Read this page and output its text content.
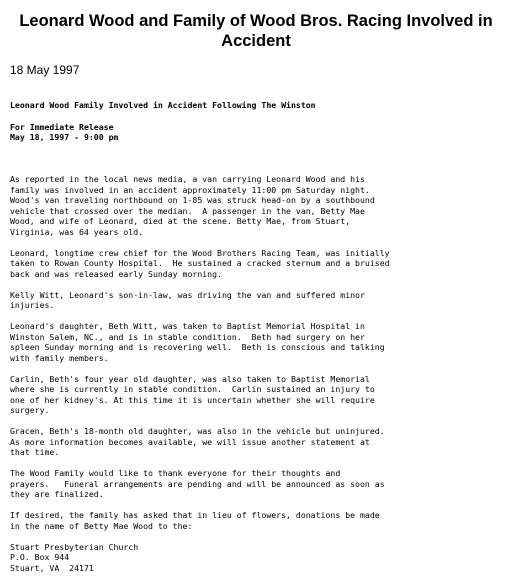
Leonard Wood and Family of Wood Bros. Racing Involved in Accident
18 May 1997
Leonard Wood Family Involved in Accident Following The Winston
For Immediate Release
May 18, 1997 - 9:00 pm
As reported in the local news media, a van carrying Leonard Wood and his
family was involved in an accident approximately 11:00 pm Saturday night.
Wood's van traveling northbound on 1-85 was struck head-on by a southbound
vehicle that crossed over the median.  A passenger in the van, Betty Mae
Wood, and wife of Leonard, died at the scene. Betty Mae, from Stuart,
Virginia, was 64 years old.
Leonard, longtime crew chief for the Wood Brothers Racing Team, was initially
taken to Rowan County Hospital.  He sustained a cracked sternum and a bruised
back and was released early Sunday morning.
Kelly Witt, Leonard's son-in-law, was driving the van and suffered minor
injuries.
Leonard's daughter, Beth Witt, was taken to Baptist Memorial Hospital in
Winston Salem, NC., and is in stable condition.  Beth had surgery on her
spleen Sunday morning and is recovering well.  Beth is conscious and talking
with family members.
Carlin, Beth's four year old daughter, was also taken to Baptist Memorial
where she is currently in stable condition.  Carlin sustained an injury to
one of her kidney's. At this time it is uncertain whether she will require
surgery.
Gracen, Beth's 18-month old daughter, was also in the vehicle but uninjured.
As more information becomes available, we will issue another statement at
that time.
The Wood Family would like to thank everyone for their thoughts and
prayers.   Funeral arrangements are pending and will be announced as soon as
they are finalized.
If desired, the family has asked that in lieu of flowers, donations be made
in the name of Betty Mae Wood to the:
Stuart Presbyterian Church
P.O. Box 944
Stuart, VA  24171
